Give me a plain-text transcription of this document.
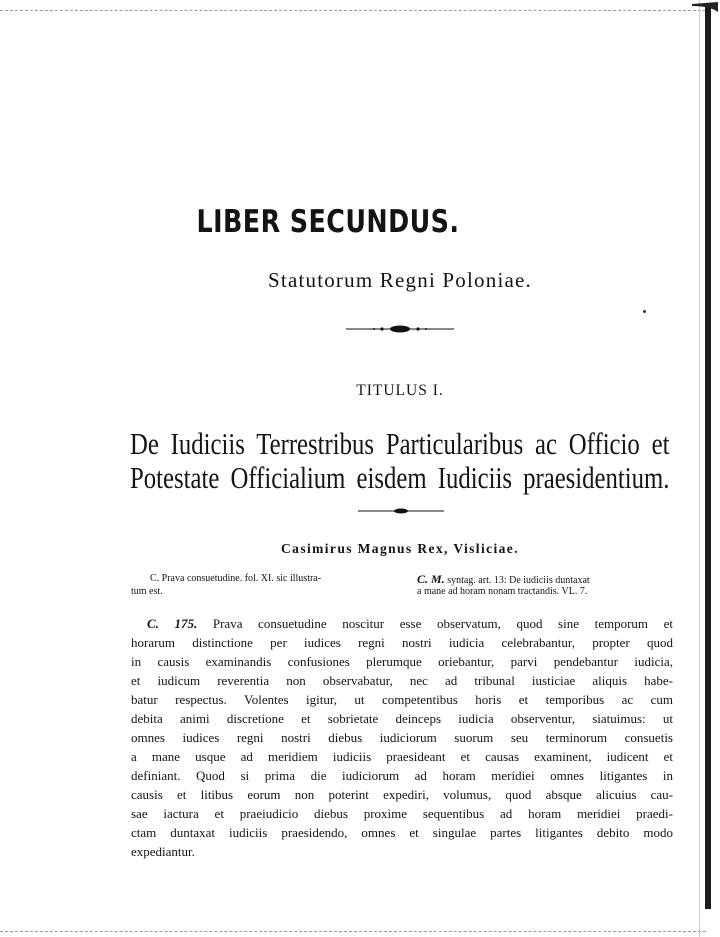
LIBER SECUNDUS.
Statutorum Regni Poloniae.
TITULUS I.
De Iudiciis Terrestribus Particularibus ac Officio et
Potestate Officialium eisdem Iudiciis praesidentium.
Casimirus Magnus Rex, Visliciae.
C. Prava consuetudine. fol. XI. sic illustra-
tum est.
C. M. syntag. art. 13: De iudiciis duntaxat
a mane ad horam nonam tractandis. VL. 7.
C. 175. Prava consuetudine noscitur esse observatum, quod sine temporum et
horarum distinctione per iudices regni nostri iudicia celebrabantur, propter quod
in causis examinandis confusiones plerumque oriebantur, parvi pendebantur iudicia,
et iudicum reverentia non observabatur, nec ad tribunal iusticiae aliquis habe-
batur respectus. Volentes igitur, ut competentibus horis et temporibus ac cum
debita animi discretione et sobrietate deinceps iudicia observentur, siatuimus: ut
omnes iudices regni nostri diebus iudiciorum suorum seu terminorum consuetis
a mane usque ad meridiem iudiciis praesideant et causas examinent, iudicent et
definiant. Quod si prima die iudiciorum ad horam meridiei omnes litigantes in
causis et litibus eorum non poterint expediri, volumus, quod absque alicuius cau-
sae iactura et praeiudicio diebus proxime sequentibus ad horam meridiei praedi-
ctam duntaxat iudiciis praesidendo, omnes et singulae partes litigantes debito modo
expediantur.
